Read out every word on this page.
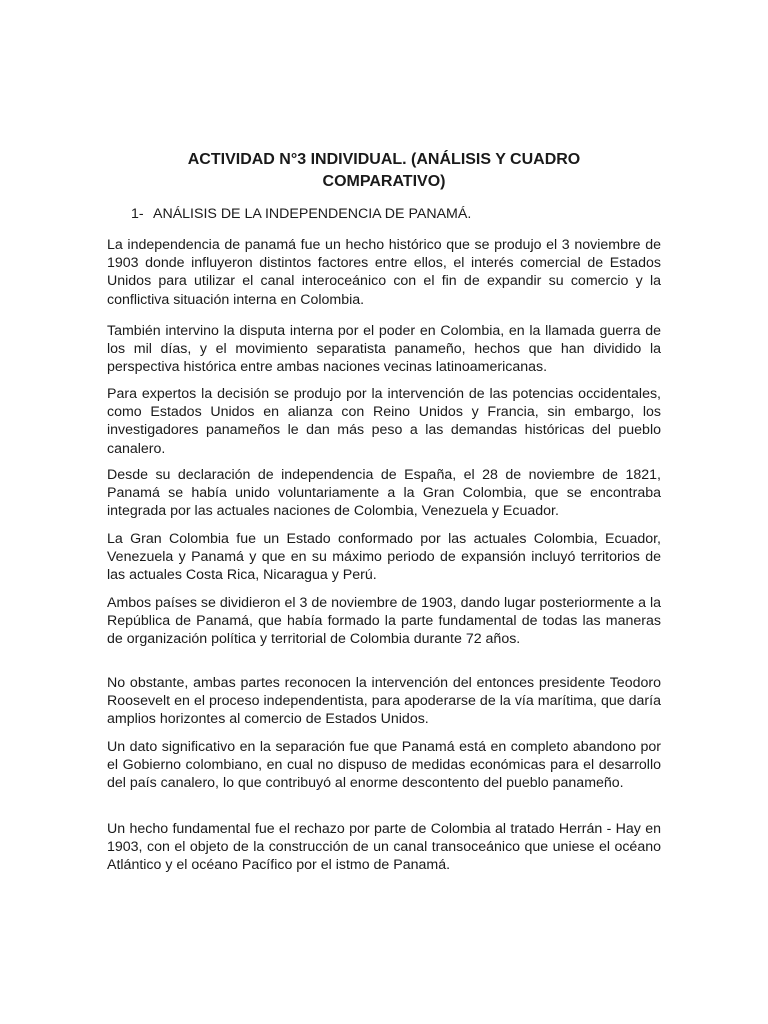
ACTIVIDAD N°3 INDIVIDUAL. (ANÁLISIS Y CUADRO
COMPARATIVO)

1- ANÁLISIS DE LA INDEPENDENCIA DE PANAMÁ.

La independencia de panamá fue un hecho histórico que se produjo el 3 noviembre de 1903 donde influyeron distintos factores entre ellos, el interés comercial de Estados Unidos para utilizar el canal interoceánico con el fin de expandir su comercio y la conflictiva situación interna en Colombia.

También intervino la disputa interna por el poder en Colombia, en la llamada guerra de los mil días, y el movimiento separatista panameño, hechos que han dividido la perspectiva histórica entre ambas naciones vecinas latinoamericanas.

Para expertos la decisión se produjo por la intervención de las potencias occidentales, como Estados Unidos en alianza con Reino Unidos y Francia, sin embargo, los investigadores panameños le dan más peso a las demandas históricas del pueblo canalero.

Desde su declaración de independencia de España, el 28 de noviembre de 1821, Panamá se había unido voluntariamente a la Gran Colombia, que se encontraba integrada por las actuales naciones de Colombia, Venezuela y Ecuador.

La Gran Colombia fue un Estado conformado por las actuales Colombia, Ecuador, Venezuela y Panamá y que en su máximo periodo de expansión incluyó territorios de las actuales Costa Rica, Nicaragua y Perú.

Ambos países se dividieron el 3 de noviembre de 1903, dando lugar posteriormente a la República de Panamá, que había formado la parte fundamental de todas las maneras de organización política y territorial de Colombia durante 72 años.

No obstante, ambas partes reconocen la intervención del entonces presidente Teodoro Roosevelt en el proceso independentista, para apoderarse de la vía marítima, que daría amplios horizontes al comercio de Estados Unidos.

Un dato significativo en la separación fue que Panamá está en completo abandono por el Gobierno colombiano, en cual no dispuso de medidas económicas para el desarrollo del país canalero, lo que contribuyó al enorme descontento del pueblo panameño.

Un hecho fundamental fue el rechazo por parte de Colombia al tratado Herrán - Hay en 1903, con el objeto de la construcción de un canal transoceánico que uniese el océano Atlántico y el océano Pacífico por el istmo de Panamá.
